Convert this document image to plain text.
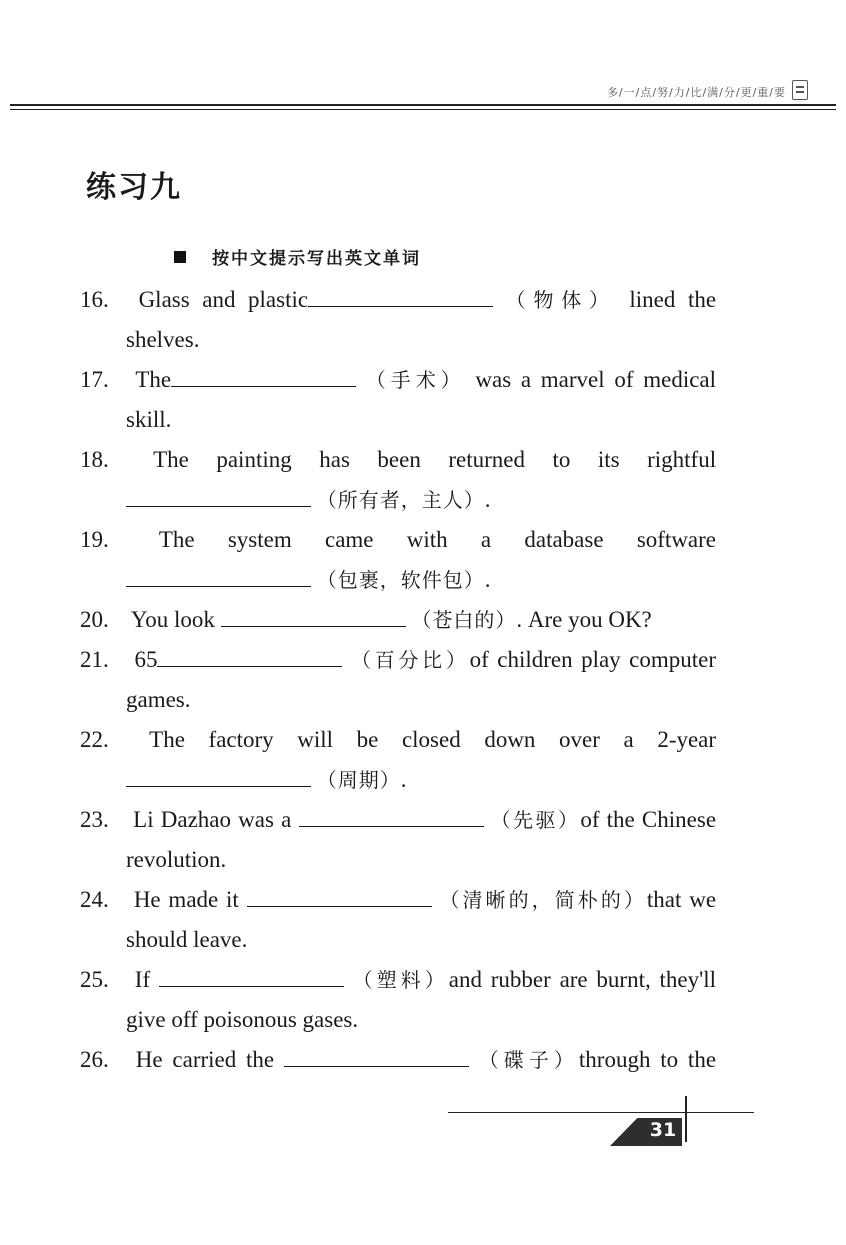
多/一/点/努/力/比/满/分/更/重/要
练习九
按中文提示写出英文单词
16. Glass and plastic	（物体） lined the
shelves.
17. The	（手术） was a marvel of medical
skill.
18. The painting has been returned to its rightful
（所有者，主人）.
19. The system came with a database software
（包裹，软件包）.
20. You look	（苍白的）. Are you OK?
21. 65	（百分比）of children play computer
games.
22. The factory will be closed down over a 2-year
（周期）.
23. Li Dazhao was a	（先驱）of the Chinese
revolution.
24. He made it	（清晰的，简朴的）that we
should leave.
25. If	（塑料）and rubber are burnt, they'll
give off poisonous gases.
26. He carried the	（碟子）through to the
31
